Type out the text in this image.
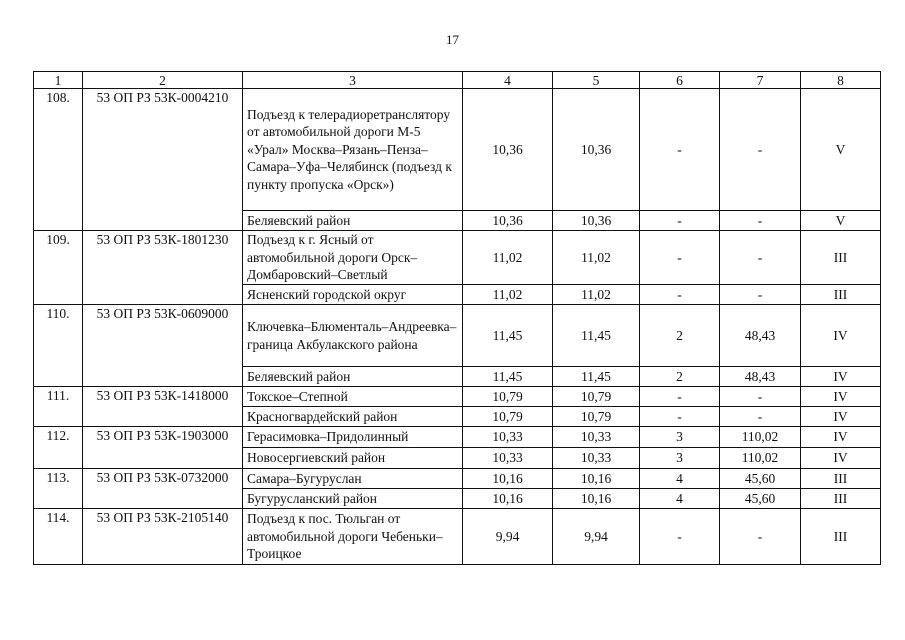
17
1	2	3	4	5	6	7	8
108.	53 ОП РЗ 53К-0004210	Подъезд к телерадиоретранслятору от автомобильной дороги М-5 «Урал» Москва–Рязань–Пенза–Самара–Уфа–Челябинск (подъезд к пункту пропуска «Орск»)	10,36	10,36	-	-	V
		Беляевский район	10,36	10,36	-	-	V
109.	53 ОП РЗ 53К-1801230	Подъезд к г. Ясный от автомобильной дороги Орск–Домбаровский–Светлый	11,02	11,02	-	-	III
		Ясненский городской округ	11,02	11,02	-	-	III
110.	53 ОП РЗ 53К-0609000	Ключевка–Блюменталь–Андреевка–граница Акбулакского района	11,45	11,45	2	48,43	IV
		Беляевский район	11,45	11,45	2	48,43	IV
111.	53 ОП РЗ 53К-1418000	Токское–Степной	10,79	10,79	-	-	IV
		Красногвардейский район	10,79	10,79	-	-	IV
112.	53 ОП РЗ 53К-1903000	Герасимовка–Придолинный	10,33	10,33	3	110,02	IV
		Новосергиевский район	10,33	10,33	3	110,02	IV
113.	53 ОП РЗ 53К-0732000	Самара–Бугуруслан	10,16	10,16	4	45,60	III
		Бугурусланский район	10,16	10,16	4	45,60	III
114.	53 ОП РЗ 53К-2105140	Подъезд к пос. Тюльган от автомобильной дороги Чебеньки–Троицкое	9,94	9,94	-	-	III
